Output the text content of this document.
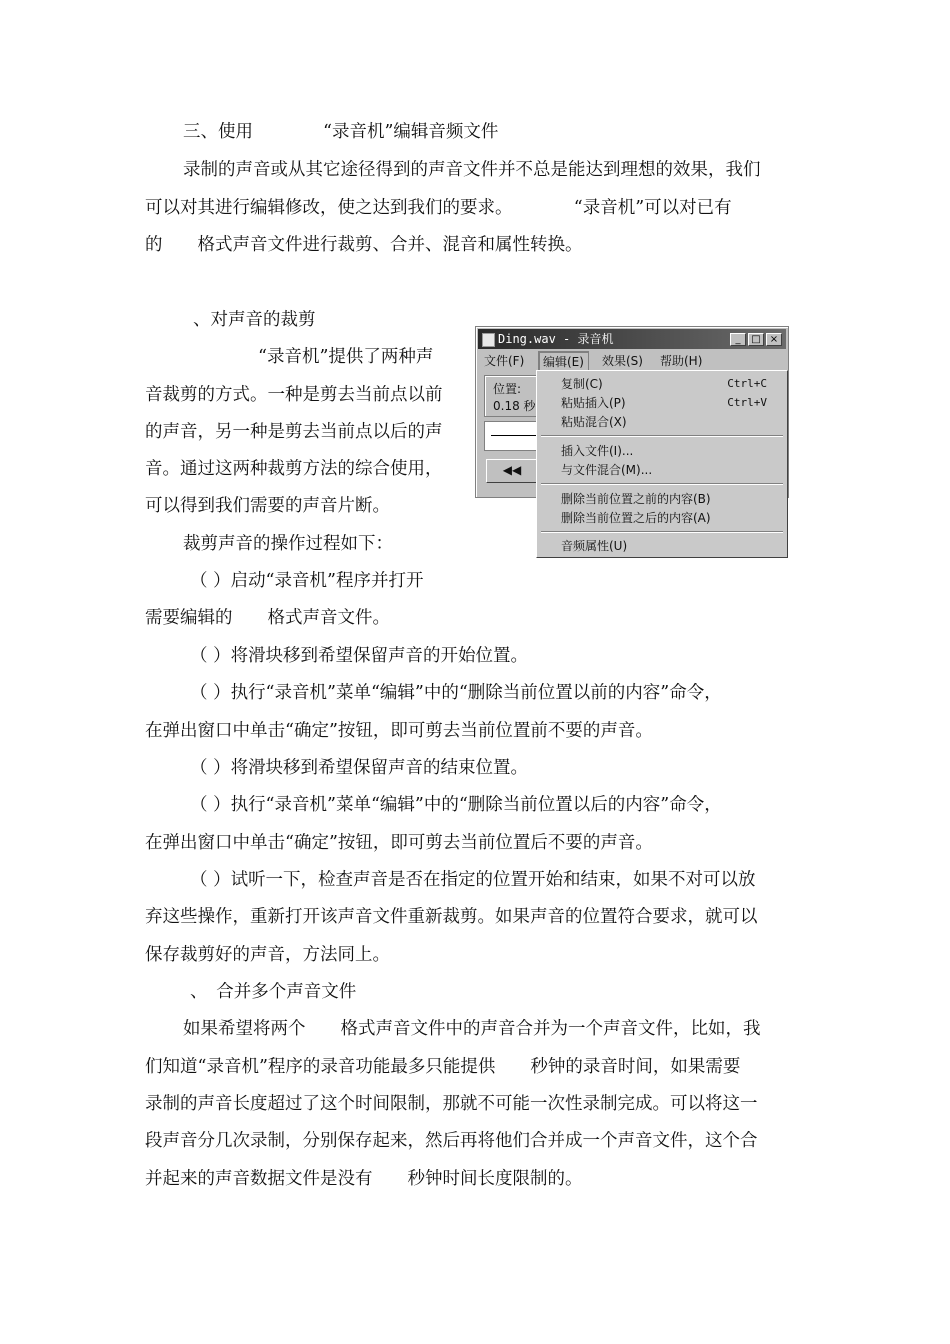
三、使用　　　　“录音机”编辑音频文件
录制的声音或从其它途径得到的声音文件并不总是能达到理想的效果，我们
可以对其进行编辑修改，使之达到我们的要求。　　　　“录音机”可以对已有
的　　格式声音文件进行裁剪、合并、混音和属性转换。
、对声音的裁剪
“录音机”提供了两种声
音裁剪的方式。一种是剪去当前点以前
的声音，另一种是剪去当前点以后的声
音。通过这两种裁剪方法的综合使用，
可以得到我们需要的声音片断。
裁剪声音的操作过程如下：
（ ）启动“录音机”程序并打开
需要编辑的　　格式声音文件。
（ ）将滑块移到希望保留声音的开始位置。
（ ）执行“录音机”菜单“编辑”中的“删除当前位置以前的内容”命令，
在弹出窗口中单击“确定”按钮，即可剪去当前位置前不要的声音。
（ ）将滑块移到希望保留声音的结束位置。
（ ）执行“录音机”菜单“编辑”中的“删除当前位置以后的内容”命令，
在弹出窗口中单击“确定”按钮，即可剪去当前位置后不要的声音。
（ ）试听一下，检查声音是否在指定的位置开始和结束，如果不对可以放
弃这些操作，重新打开该声音文件重新裁剪。如果声音的位置符合要求，就可以
保存裁剪好的声音，方法同上。
、　合并多个声音文件
如果希望将两个　　格式声音文件中的声音合并为一个声音文件，比如，我
们知道“录音机”程序的录音功能最多只能提供　　秒钟的录音时间，如果需要
录制的声音长度超过了这个时间限制，那就不可能一次性录制完成。可以将这一
段声音分几次录制，分别保存起来，然后再将他们合并成一个声音文件，这个合
并起来的声音数据文件是没有　　秒钟时间长度限制的。
Ding.wav - 录音机	_	□ ×
文件(F)	编辑(E)	效果(S)	帮助(H)
位置:
0.18 秒
◀◀
复制(C)	Ctrl+C
粘贴插入(P)	Ctrl+V
粘贴混合(X)
插入文件(I)...
与文件混合(M)...
删除当前位置之前的内容(B)
删除当前位置之后的内容(A)
音频属性(U)
